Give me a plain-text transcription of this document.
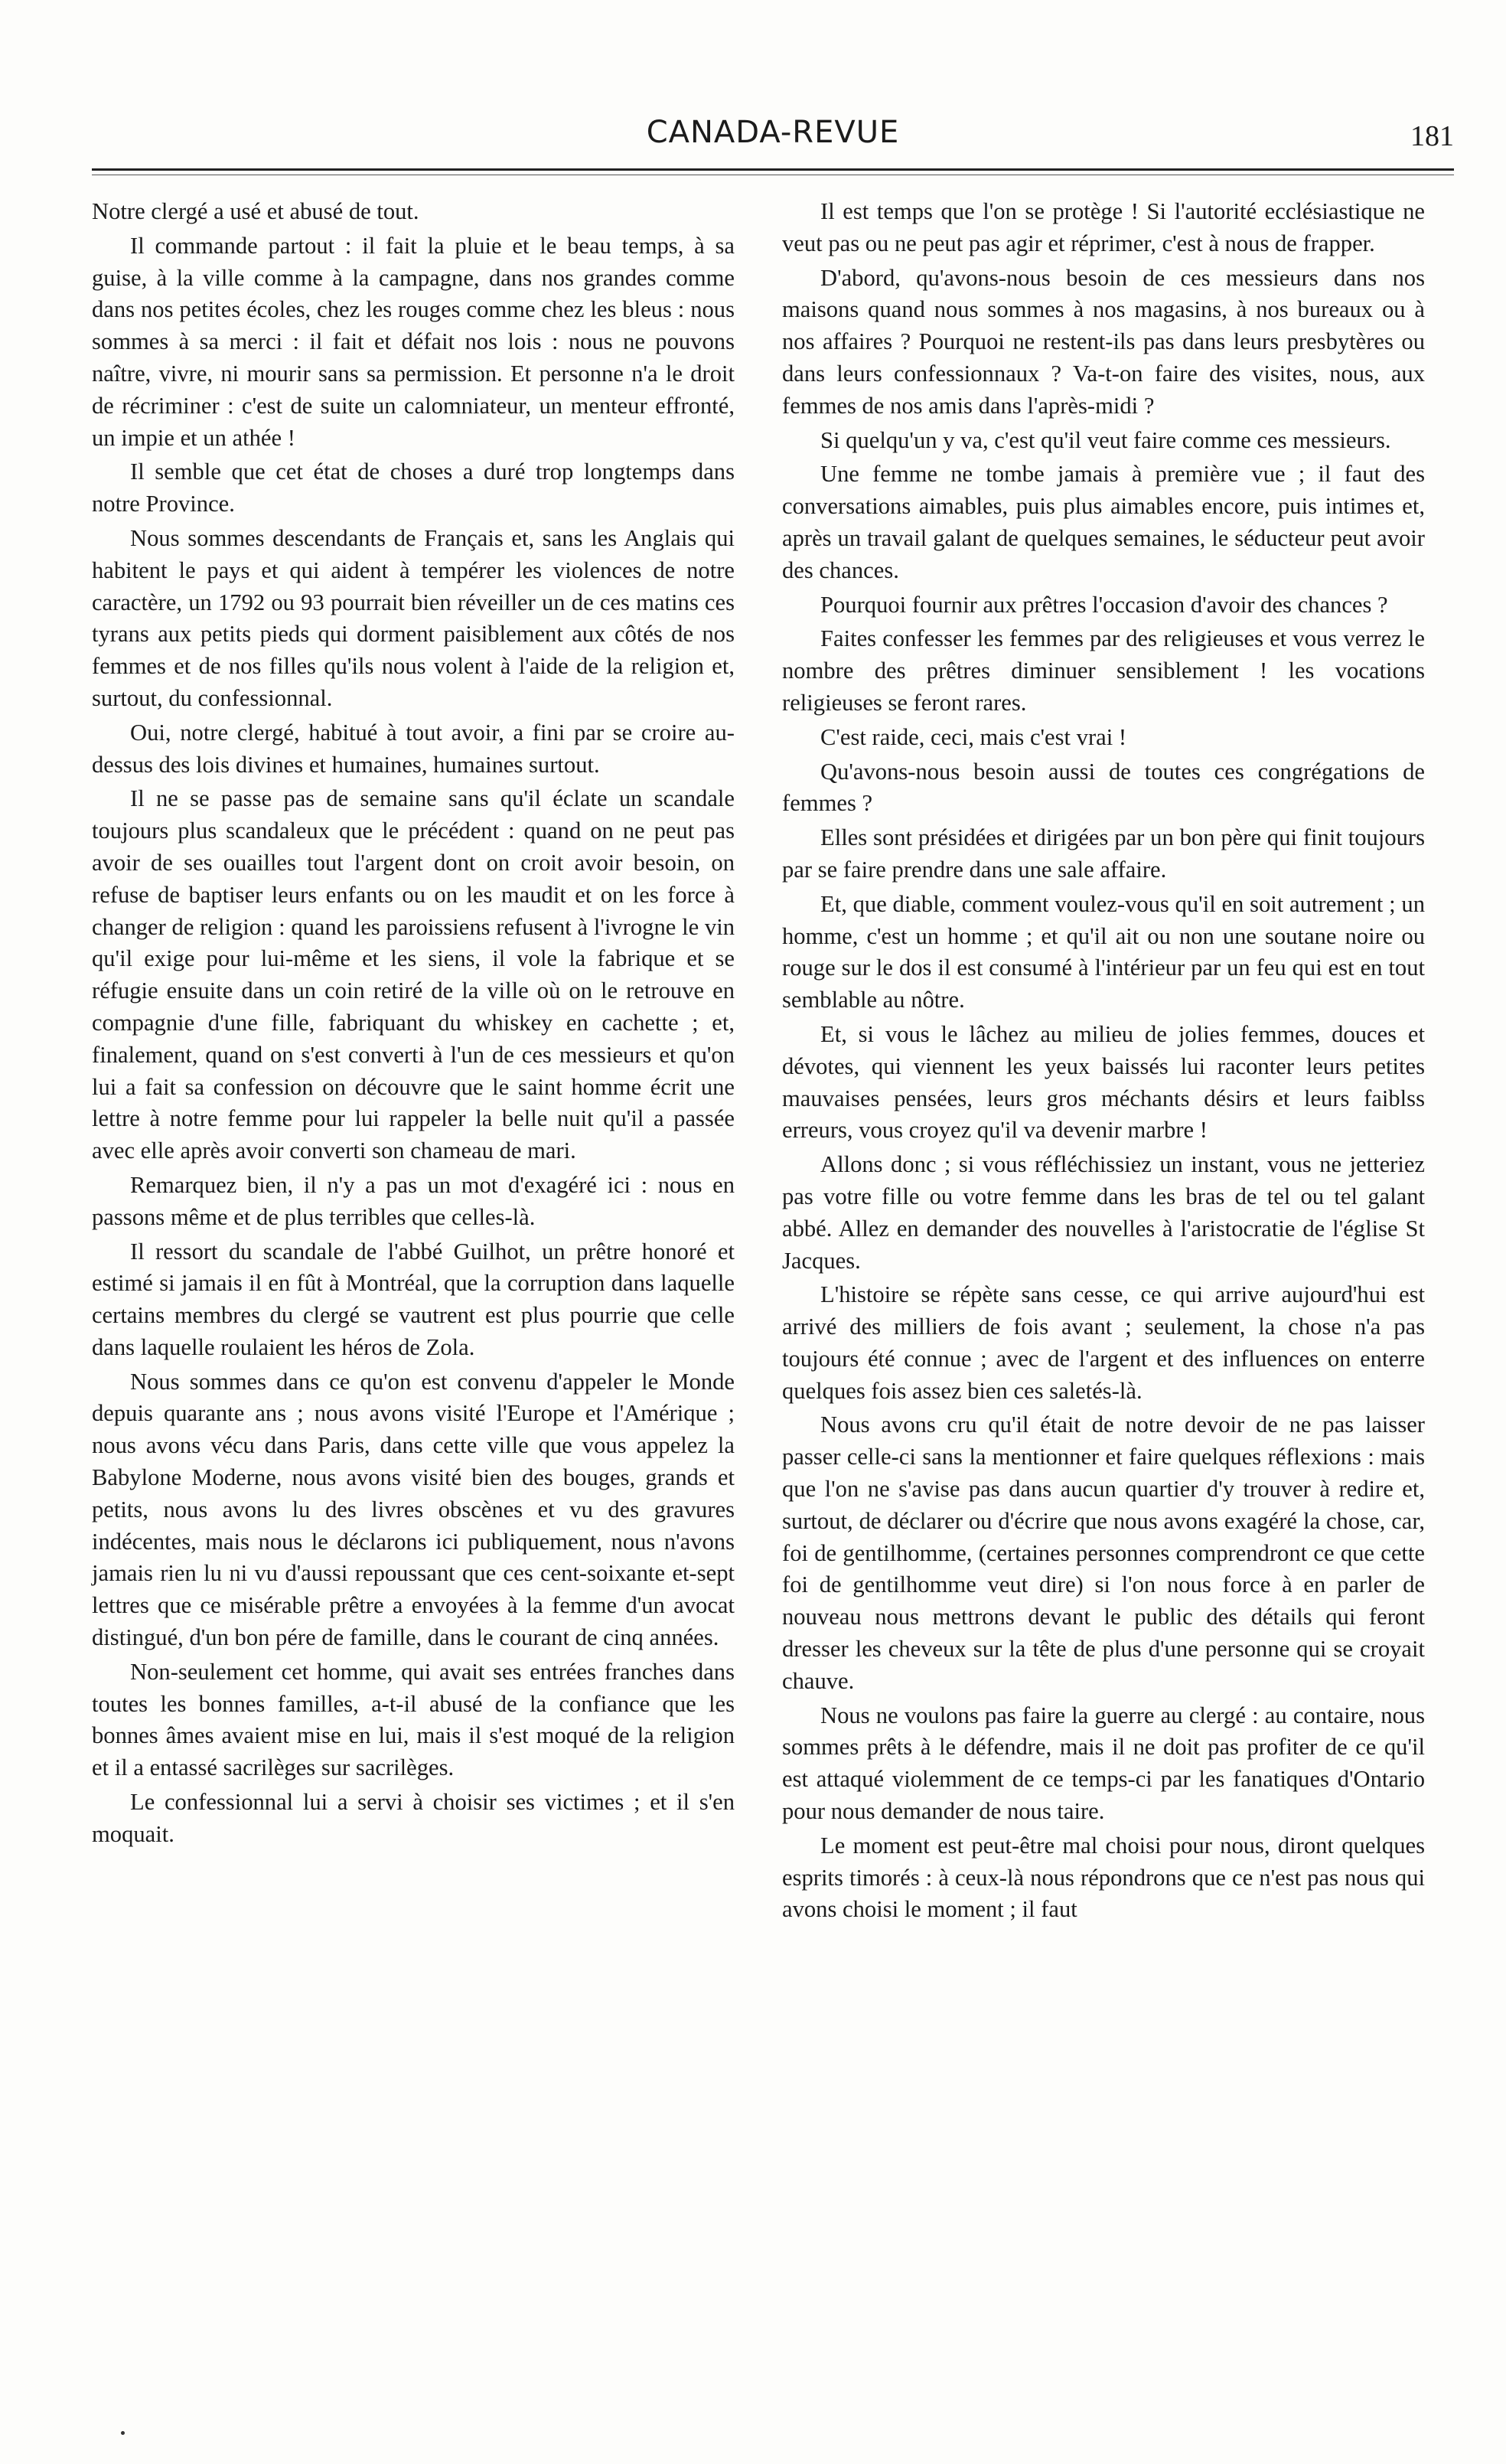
CANADA-REVUE	181

Notre clergé a usé et abusé de tout.

Il commande partout : il fait la pluie et le beau temps, à sa guise, à la ville comme à la campagne, dans nos grandes comme dans nos petites écoles, chez les rouges comme chez les bleus : nous sommes à sa merci : il fait et défait nos lois : nous ne pouvons naître, vivre, ni mourir sans sa permission. Et personne n'a le droit de récriminer : c'est de suite un calomniateur, un menteur effronté, un impie et un athée !

Il semble que cet état de choses a duré trop longtemps dans notre Province.

Nous sommes descendants de Français et, sans les Anglais qui habitent le pays et qui aident à tempérer les violences de notre caractère, un 1792 ou 93 pourrait bien réveiller un de ces matins ces tyrans aux petits pieds qui dorment paisiblement aux côtés de nos femmes et de nos filles qu'ils nous volent à l'aide de la religion et, surtout, du confessionnal.

Oui, notre clergé, habitué à tout avoir, a fini par se croire au-dessus des lois divines et humaines, humaines surtout.

Il ne se passe pas de semaine sans qu'il éclate un scandale toujours plus scandaleux que le précédent : quand on ne peut pas avoir de ses ouailles tout l'argent dont on croit avoir besoin, on refuse de baptiser leurs enfants ou on les maudit et on les force à changer de religion : quand les paroissiens refusent à l'ivrogne le vin qu'il exige pour lui-même et les siens, il vole la fabrique et se réfugie ensuite dans un coin retiré de la ville où on le retrouve en compagnie d'une fille, fabriquant du whiskey en cachette ; et, finalement, quand on s'est converti à l'un de ces messieurs et qu'on lui a fait sa confession on découvre que le saint homme écrit une lettre à notre femme pour lui rappeler la belle nuit qu'il a passée avec elle après avoir converti son chameau de mari.

Remarquez bien, il n'y a pas un mot d'exagéré ici : nous en passons même et de plus terribles que celles-là.

Il ressort du scandale de l'abbé Guilhot, un prêtre honoré et estimé si jamais il en fût à Montréal, que la corruption dans laquelle certains membres du clergé se vautrent est plus pourrie que celle dans laquelle roulaient les héros de Zola.

Nous sommes dans ce qu'on est convenu d'appeler le Monde depuis quarante ans ; nous avons visité l'Europe et l'Amérique ; nous avons vécu dans Paris, dans cette ville que vous appelez la Babylone Moderne, nous avons visité bien des bouges, grands et petits, nous avons lu des livres obscènes et vu des gravures indécentes, mais nous le déclarons ici publiquement, nous n'avons jamais rien lu ni vu d'aussi repoussant que ces cent-soixante et-sept lettres que ce misérable prêtre a envoyées à la femme d'un avocat distingué, d'un bon pére de famille, dans le courant de cinq années.

Non-seulement cet homme, qui avait ses entrées franches dans toutes les bonnes familles, a-t-il abusé de la confiance que les bonnes âmes avaient mise en lui, mais il s'est moqué de la religion et il a entassé sacrilèges sur sacrilèges.

Le confessionnal lui a servi à choisir ses victimes ; et il s'en moquait.

Il est temps que l'on se protège ! Si l'autorité ecclésiastique ne veut pas ou ne peut pas agir et réprimer, c'est à nous de frapper.

D'abord, qu'avons-nous besoin de ces messieurs dans nos maisons quand nous sommes à nos magasins, à nos bureaux ou à nos affaires ? Pourquoi ne restent-ils pas dans leurs presbytères ou dans leurs confessionnaux ? Va-t-on faire des visites, nous, aux femmes de nos amis dans l'après-midi ?

Si quelqu'un y va, c'est qu'il veut faire comme ces messieurs.

Une femme ne tombe jamais à première vue ; il faut des conversations aimables, puis plus aimables encore, puis intimes et, après un travail galant de quelques semaines, le séducteur peut avoir des chances.

Pourquoi fournir aux prêtres l'occasion d'avoir des chances ?

Faites confesser les femmes par des religieuses et vous verrez le nombre des prêtres diminuer sensiblement ! les vocations religieuses se feront rares.

C'est raide, ceci, mais c'est vrai !

Qu'avons-nous besoin aussi de toutes ces congrégations de femmes ?

Elles sont présidées et dirigées par un bon père qui finit toujours par se faire prendre dans une sale affaire.

Et, que diable, comment voulez-vous qu'il en soit autrement ; un homme, c'est un homme ; et qu'il ait ou non une soutane noire ou rouge sur le dos il est consumé à l'intérieur par un feu qui est en tout semblable au nôtre.

Et, si vous le lâchez au milieu de jolies femmes, douces et dévotes, qui viennent les yeux baissés lui raconter leurs petites mauvaises pensées, leurs gros méchants désirs et leurs faiblss erreurs, vous croyez qu'il va devenir marbre !

Allons donc ; si vous réfléchissiez un instant, vous ne jetteriez pas votre fille ou votre femme dans les bras de tel ou tel galant abbé. Allez en demander des nouvelles à l'aristocratie de l'église St Jacques.

L'histoire se répète sans cesse, ce qui arrive aujourd'hui est arrivé des milliers de fois avant ; seulement, la chose n'a pas toujours été connue ; avec de l'argent et des influences on enterre quelques fois assez bien ces saletés-là.

Nous avons cru qu'il était de notre devoir de ne pas laisser passer celle-ci sans la mentionner et faire quelques réflexions : mais que l'on ne s'avise pas dans aucun quartier d'y trouver à redire et, surtout, de déclarer ou d'écrire que nous avons exagéré la chose, car, foi de gentilhomme, (certaines personnes comprendront ce que cette foi de gentilhomme veut dire) si l'on nous force à en parler de nouveau nous mettrons devant le public des détails qui feront dresser les cheveux sur la tête de plus d'une personne qui se croyait chauve.

Nous ne voulons pas faire la guerre au clergé : au contaire, nous sommes prêts à le défendre, mais il ne doit pas profiter de ce qu'il est attaqué violemment de ce temps-ci par les fanatiques d'Ontario pour nous demander de nous taire.

Le moment est peut-être mal choisi pour nous, diront quelques esprits timorés : à ceux-là nous répondrons que ce n'est pas nous qui avons choisi le moment ; il faut
